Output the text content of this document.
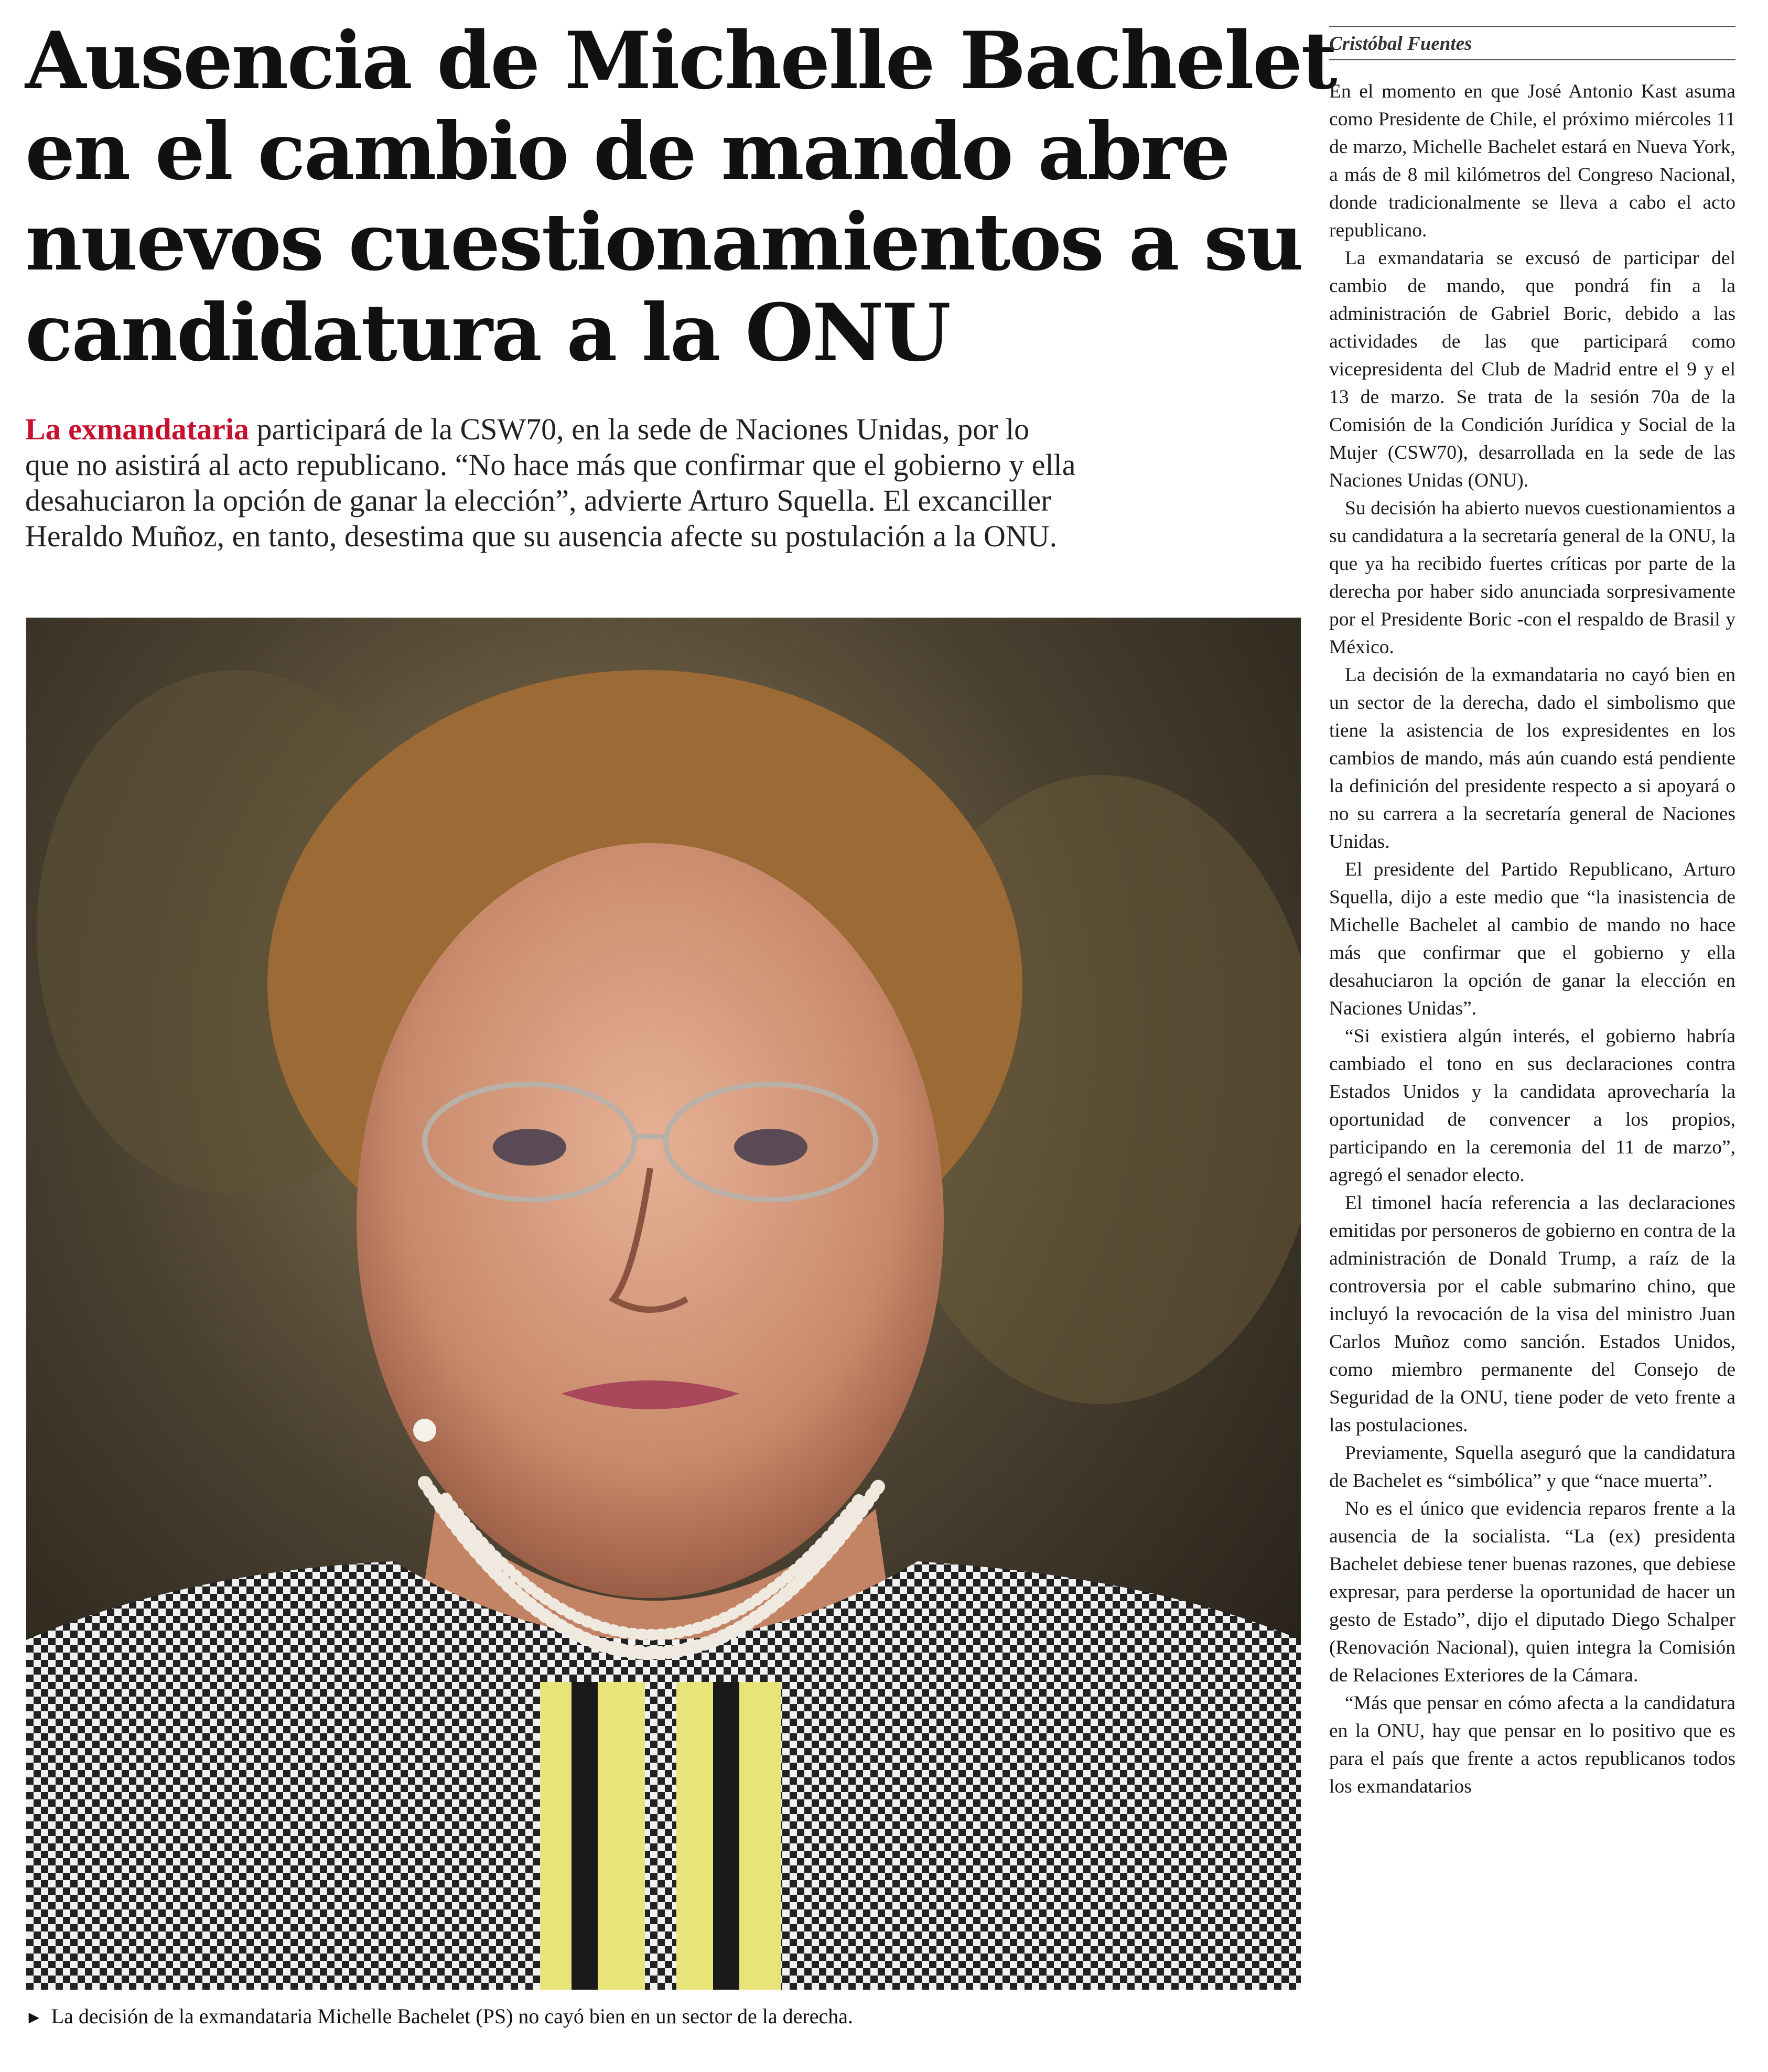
Ausencia de Michelle Bachelet
en el cambio de mando abre
nuevos cuestionamientos a su
candidatura a la ONU
La exmandataria participará de la CSW70, en la sede de Naciones Unidas, por lo
que no asistirá al acto republicano. “No hace más que confirmar que el gobierno y ella
desahuciaron la opción de ganar la elección”, advierte Arturo Squella. El excanciller
Heraldo Muñoz, en tanto, desestima que su ausencia afecte su postulación a la ONU.
► La decisión de la exmandataria Michelle Bachelet (PS) no cayó bien en un sector de la derecha.
Cristóbal Fuentes

En el momento en que José Antonio Kast asuma como Presidente de Chile, el próximo miércoles 11 de marzo, Michelle Bachelet estará en Nueva York, a más de 8 mil kilómetros del Congreso Nacional, donde tradicionalmente se lleva a cabo el acto republicano.

La exmandataria se excusó de participar del cambio de mando, que pondrá fin a la administración de Gabriel Boric, debido a las actividades de las que participará como vicepresidenta del Club de Madrid entre el 9 y el 13 de marzo. Se trata de la sesión 70a de la Comisión de la Condición Jurídica y Social de la Mujer (CSW70), desarrollada en la sede de las Naciones Unidas (ONU).

Su decisión ha abierto nuevos cuestionamientos a su candidatura a la secretaría general de la ONU, la que ya ha recibido fuertes críticas por parte de la derecha por haber sido anunciada sorpresivamente por el Presidente Boric -con el respaldo de Brasil y México.

La decisión de la exmandataria no cayó bien en un sector de la derecha, dado el simbolismo que tiene la asistencia de los expresidentes en los cambios de mando, más aún cuando está pendiente la definición del presidente respecto a si apoyará o no su carrera a la secretaría general de Naciones Unidas.

El presidente del Partido Republicano, Arturo Squella, dijo a este medio que “la inasistencia de Michelle Bachelet al cambio de mando no hace más que confirmar que el gobierno y ella desahuciaron la opción de ganar la elección en Naciones Unidas”.

“Si existiera algún interés, el gobierno habría cambiado el tono en sus declaraciones contra Estados Unidos y la candidata aprovecharía la oportunidad de convencer a los propios, participando en la ceremonia del 11 de marzo”, agregó el senador electo.

El timonel hacía referencia a las declaraciones emitidas por personeros de gobierno en contra de la administración de Donald Trump, a raíz de la controversia por el cable submarino chino, que incluyó la revocación de la visa del ministro Juan Carlos Muñoz como sanción. Estados Unidos, como miembro permanente del Consejo de Seguridad de la ONU, tiene poder de veto frente a las postulaciones.

Previamente, Squella aseguró que la candidatura de Bachelet es “simbólica” y que “nace muerta”.

No es el único que evidencia reparos frente a la ausencia de la socialista. “La (ex) presidenta Bachelet debiese tener buenas razones, que debiese expresar, para perderse la oportunidad de hacer un gesto de Estado”, dijo el diputado Diego Schalper (Renovación Nacional), quien integra la Comisión de Relaciones Exteriores de la Cámara.

“Más que pensar en cómo afecta a la candidatura en la ONU, hay que pensar en lo positivo que es para el país que frente a actos republicanos todos los exmandatarios
